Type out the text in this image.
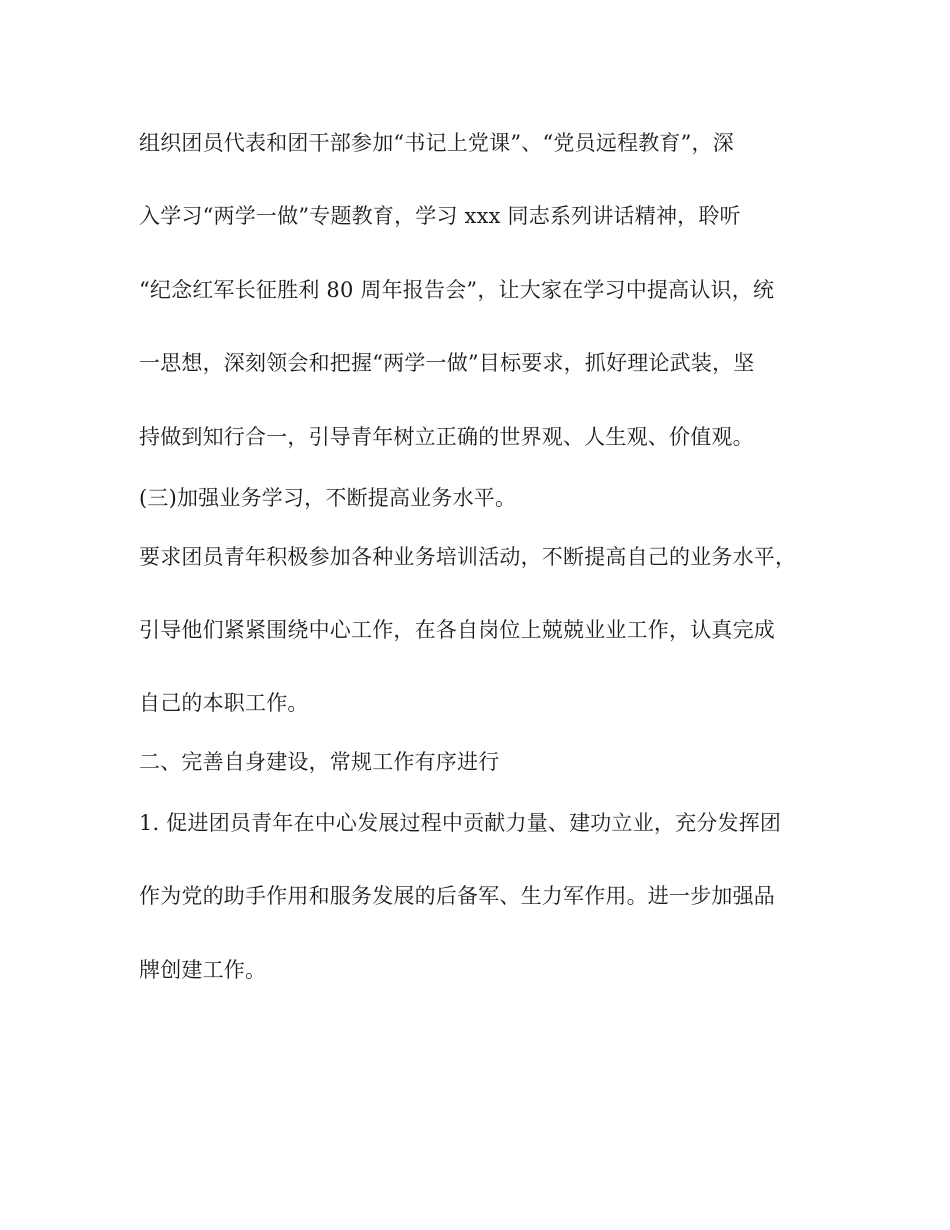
组织团员代表和团干部参加“书记上党课”、“党员远程教育”，深
入学习“两学一做”专题教育，学习 xxx 同志系列讲话精神，聆听
“纪念红军长征胜利 80 周年报告会”，让大家在学习中提高认识，统
一思想，深刻领会和把握“两学一做”目标要求，抓好理论武装，坚
持做到知行合一，引导青年树立正确的世界观、人生观、价值观。
(三)加强业务学习，不断提高业务水平。
要求团员青年积极参加各种业务培训活动，不断提高自己的业务水平，
引导他们紧紧围绕中心工作，在各自岗位上兢兢业业工作，认真完成
自己的本职工作。
二、完善自身建设，常规工作有序进行
1. 促进团员青年在中心发展过程中贡献力量、建功立业，充分发挥团
作为党的助手作用和服务发展的后备军、生力军作用。进一步加强品
牌创建工作。
